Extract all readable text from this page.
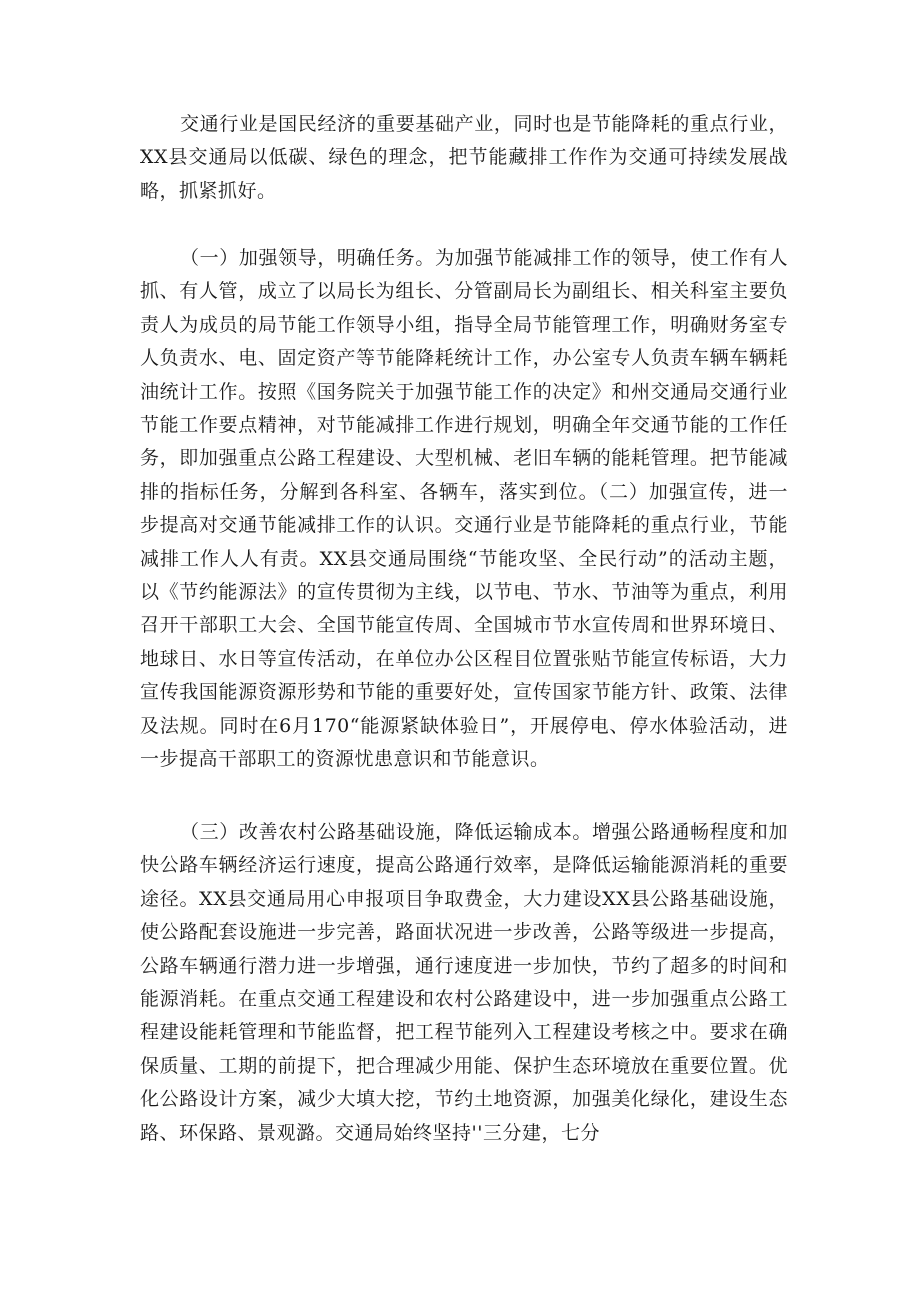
交通行业是国民经济的重要基础产业，同时也是节能降耗的重点行业，XX县交通局以低碳、绿色的理念，把节能藏排工作作为交通可持续发展战略，抓紧抓好。

（一）加强领导，明确任务。为加强节能减排工作的领导，使工作有人抓、有人管，成立了以局长为组长、分管副局长为副组长、相关科室主要负责人为成员的局节能工作领导小组，指导全局节能管理工作，明确财务室专人负责水、电、固定资产等节能降耗统计工作，办公室专人负责车辆车辆耗油统计工作。按照《国务院关于加强节能工作的决定》和州交通局交通行业节能工作要点精神，对节能减排工作进行规划，明确全年交通节能的工作任务，即加强重点公路工程建设、大型机械、老旧车辆的能耗管理。把节能减排的指标任务，分解到各科室、各辆车，落实到位。（二）加强宣传，进一步提高对交通节能减排工作的认识。交通行业是节能降耗的重点行业，节能减排工作人人有责。XX县交通局围绕“节能攻坚、全民行动”的活动主题，以《节约能源法》的宣传贯彻为主线，以节电、节水、节油等为重点，利用召开干部职工大会、全国节能宣传周、全国城市节水宣传周和世界环境日、地球日、水日等宣传活动，在单位办公区程目位置张贴节能宣传标语，大力宣传我国能源资源形势和节能的重要好处，宣传国家节能方针、政策、法律及法规。同时在6月170“能源紧缺体验日”，开展停电、停水体验活动，进一步提高干部职工的资源忧患意识和节能意识。

（三）改善农村公路基础设施，降低运输成本。增强公路通畅程度和加快公路车辆经济运行速度，提高公路通行效率，是降低运输能源消耗的重要途径。XX县交通局用心申报项目争取费金，大力建设XX县公路基础设施，使公路配套设施进一步完善，路面状况进一步改善，公路等级进一步提高，公路车辆通行潜力进一步增强，通行速度进一步加快，节约了超多的时间和能源消耗。在重点交通工程建设和农村公路建设中，进一步加强重点公路工程建设能耗管理和节能监督，把工程节能列入工程建设考核之中。要求在确保质量、工期的前提下，把合理减少用能、保护生态环境放在重要位置。优化公路设计方案，减少大填大挖，节约土地资源，加强美化绿化，建设生态路、环保路、景观潞。交通局始终坚持''三分建，七分
